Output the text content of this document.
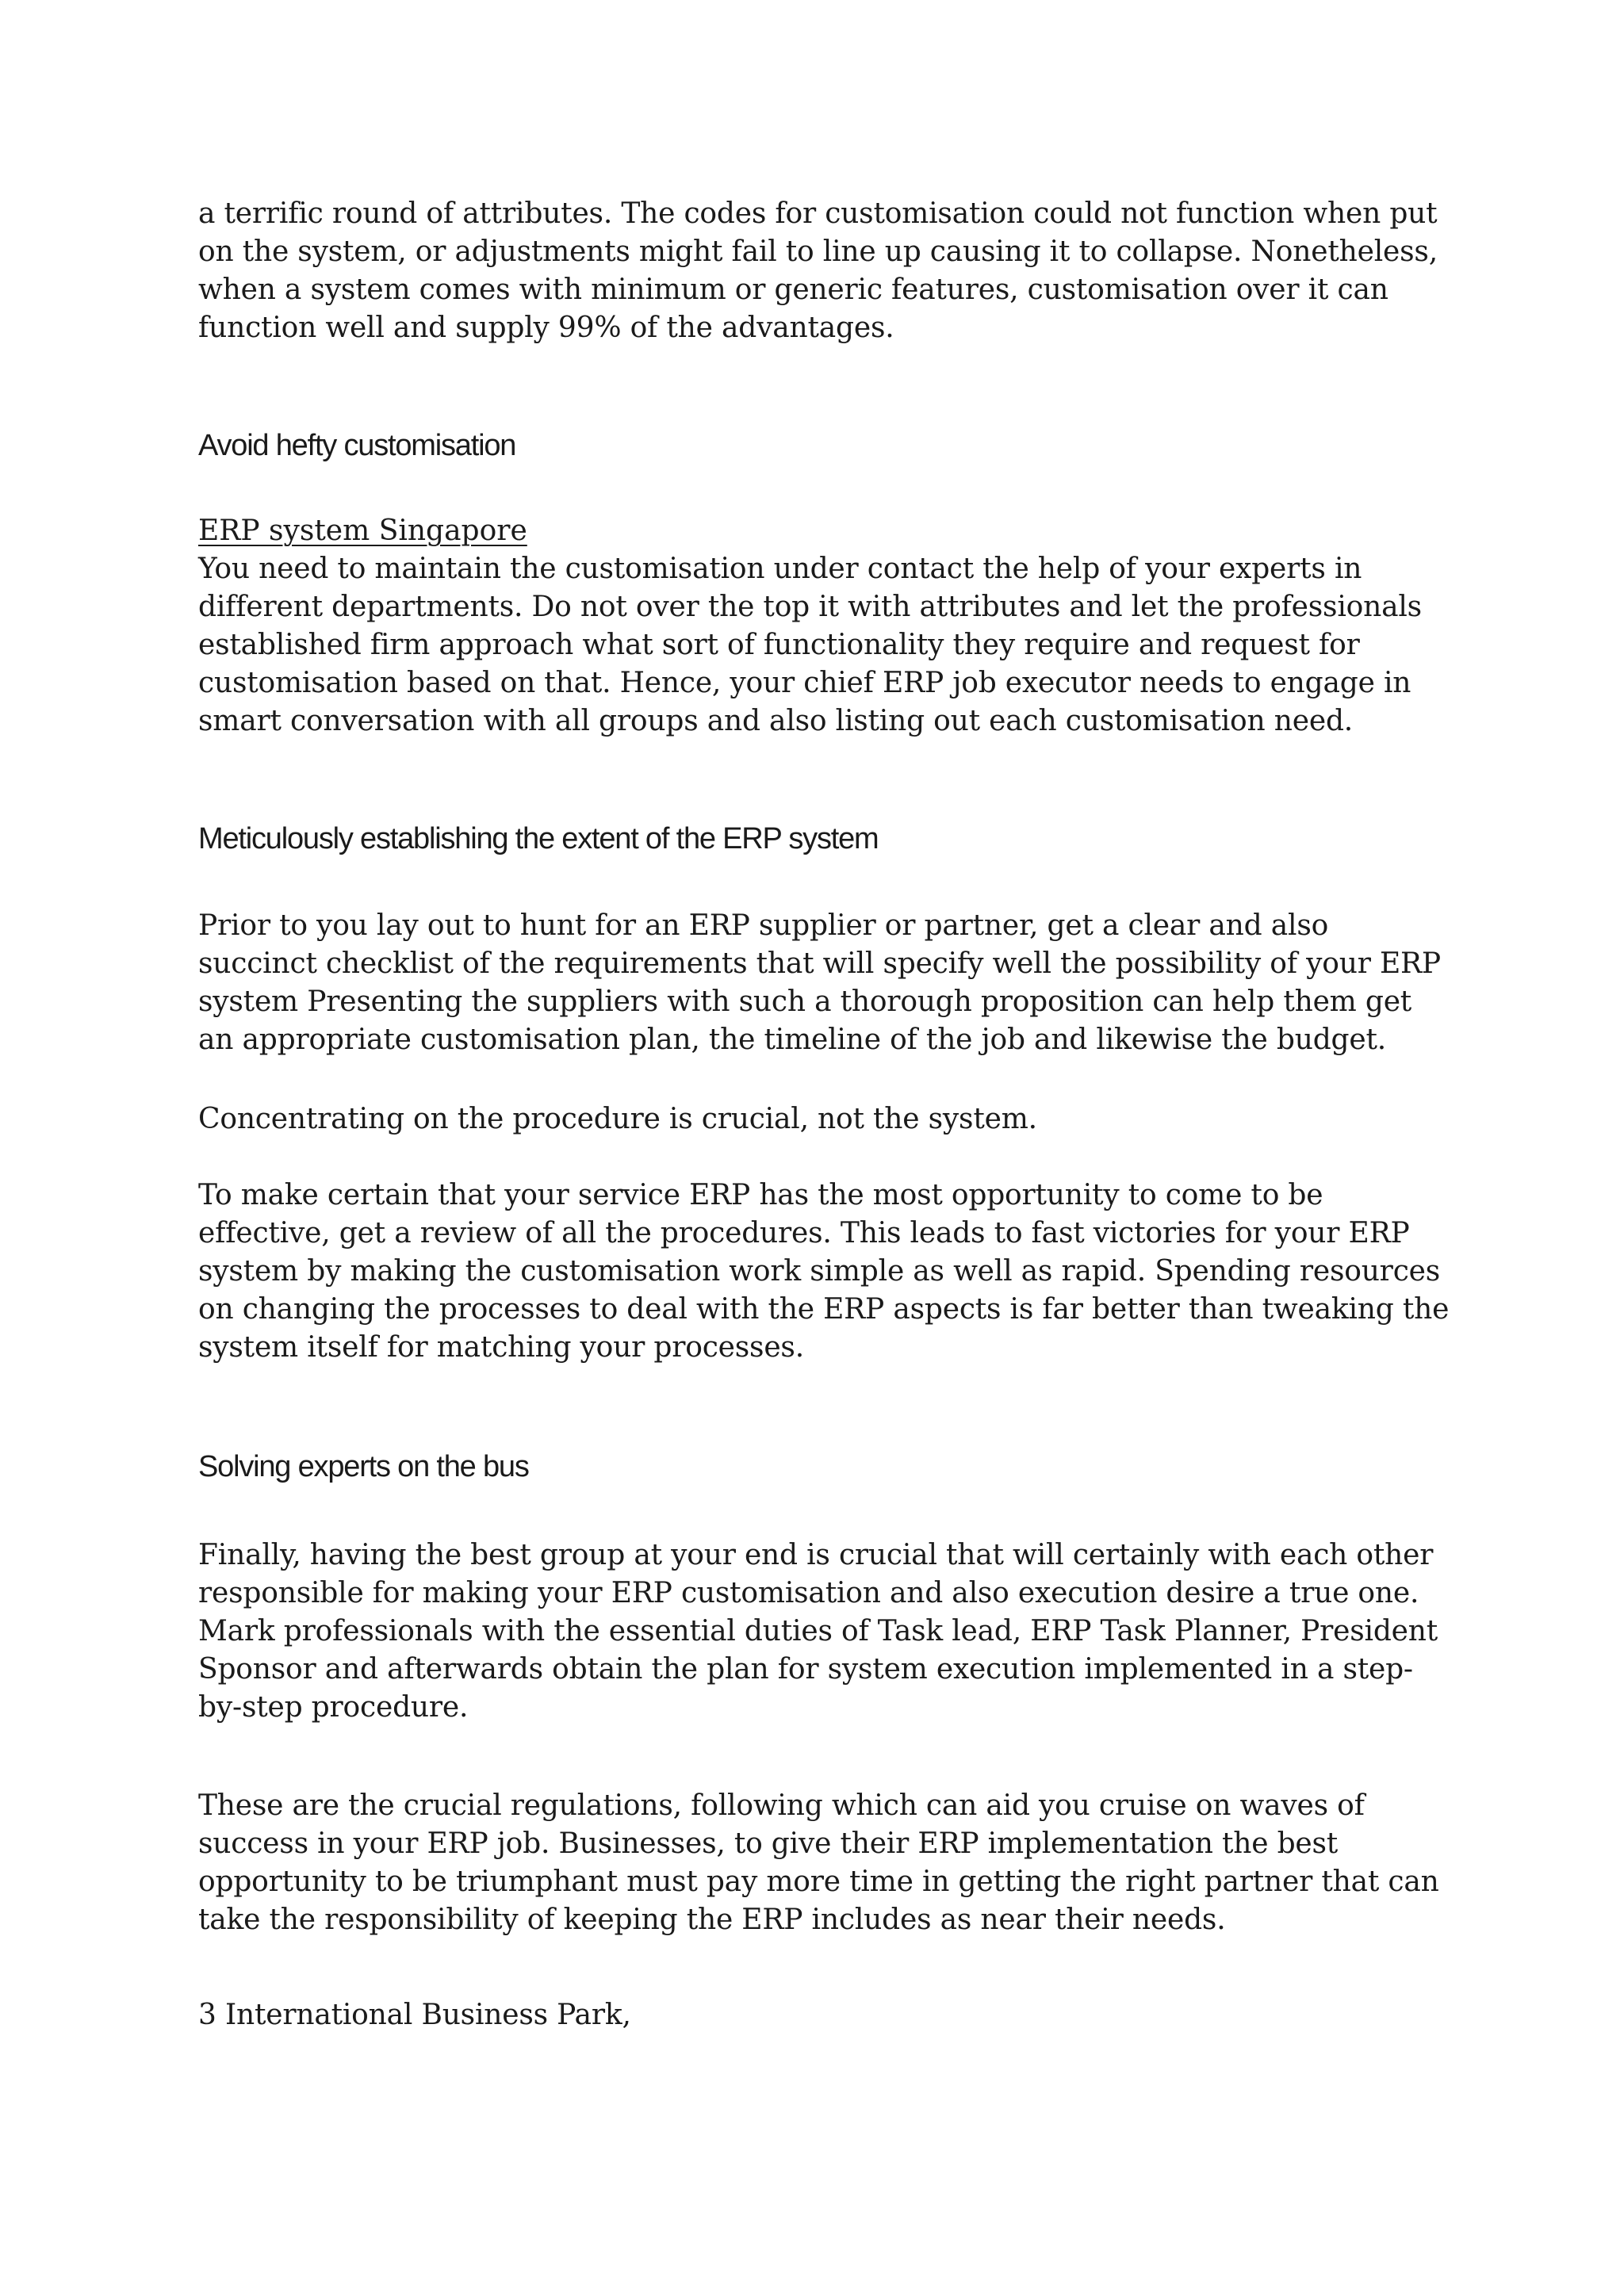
a terrific round of attributes. The codes for customisation could not function when put on the system, or adjustments might fail to line up causing it to collapse. Nonetheless, when a system comes with minimum or generic features, customisation over it can function well and supply 99% of the advantages.

Avoid hefty customisation
ERP system Singapore

You need to maintain the customisation under contact the help of your experts in different departments. Do not over the top it with attributes and let the professionals established firm approach what sort of functionality they require and request for customisation based on that. Hence, your chief ERP job executor needs to engage in smart conversation with all groups and also listing out each customisation need.

Meticulously establishing the extent of the ERP system

Prior to you lay out to hunt for an ERP supplier or partner, get a clear and also succinct checklist of the requirements that will specify well the possibility of your ERP system Presenting the suppliers with such a thorough proposition can help them get an appropriate customisation plan, the timeline of the job and likewise the budget.

Concentrating on the procedure is crucial, not the system.

To make certain that your service ERP has the most opportunity to come to be effective, get a review of all the procedures. This leads to fast victories for your ERP system by making the customisation work simple as well as rapid. Spending resources on changing the processes to deal with the ERP aspects is far better than tweaking the system itself for matching your processes.

Solving experts on the bus

Finally, having the best group at your end is crucial that will certainly with each other responsible for making your ERP customisation and also execution desire a true one. Mark professionals with the essential duties of Task lead, ERP Task Planner, President Sponsor and afterwards obtain the plan for system execution implemented in a step-by-step procedure.

These are the crucial regulations, following which can aid you cruise on waves of success in your ERP job. Businesses, to give their ERP implementation the best opportunity to be triumphant must pay more time in getting the right partner that can take the responsibility of keeping the ERP includes as near their needs.

3 International Business Park,
